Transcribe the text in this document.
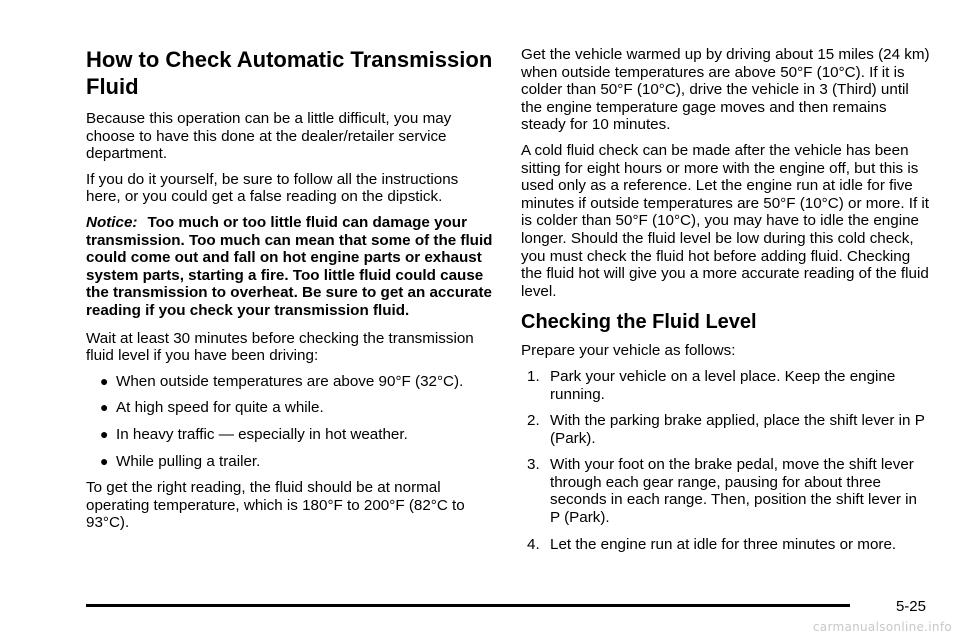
How to Check Automatic Transmission Fluid

Because this operation can be a little difficult, you may choose to have this done at the dealer/retailer service department.

If you do it yourself, be sure to follow all the instructions here, or you could get a false reading on the dipstick.

Notice: Too much or too little fluid can damage your transmission. Too much can mean that some of the fluid could come out and fall on hot engine parts or exhaust system parts, starting a fire. Too little fluid could cause the transmission to overheat. Be sure to get an accurate reading if you check your transmission fluid.

Wait at least 30 minutes before checking the transmission fluid level if you have been driving:

● When outside temperatures are above 90°F (32°C).
● At high speed for quite a while.
● In heavy traffic — especially in hot weather.
● While pulling a trailer.

To get the right reading, the fluid should be at normal operating temperature, which is 180°F to 200°F (82°C to 93°C).

Get the vehicle warmed up by driving about 15 miles (24 km) when outside temperatures are above 50°F (10°C). If it is colder than 50°F (10°C), drive the vehicle in 3 (Third) until the engine temperature gage moves and then remains steady for 10 minutes.

A cold fluid check can be made after the vehicle has been sitting for eight hours or more with the engine off, but this is used only as a reference. Let the engine run at idle for five minutes if outside temperatures are 50°F (10°C) or more. If it is colder than 50°F (10°C), you may have to idle the engine longer. Should the fluid level be low during this cold check, you must check the fluid hot before adding fluid. Checking the fluid hot will give you a more accurate reading of the fluid level.

Checking the Fluid Level

Prepare your vehicle as follows:

1. Park your vehicle on a level place. Keep the engine running.
2. With the parking brake applied, place the shift lever in P (Park).
3. With your foot on the brake pedal, move the shift lever through each gear range, pausing for about three seconds in each range. Then, position the shift lever in P (Park).
4. Let the engine run at idle for three minutes or more.
5-25
carmanualsonline.info
